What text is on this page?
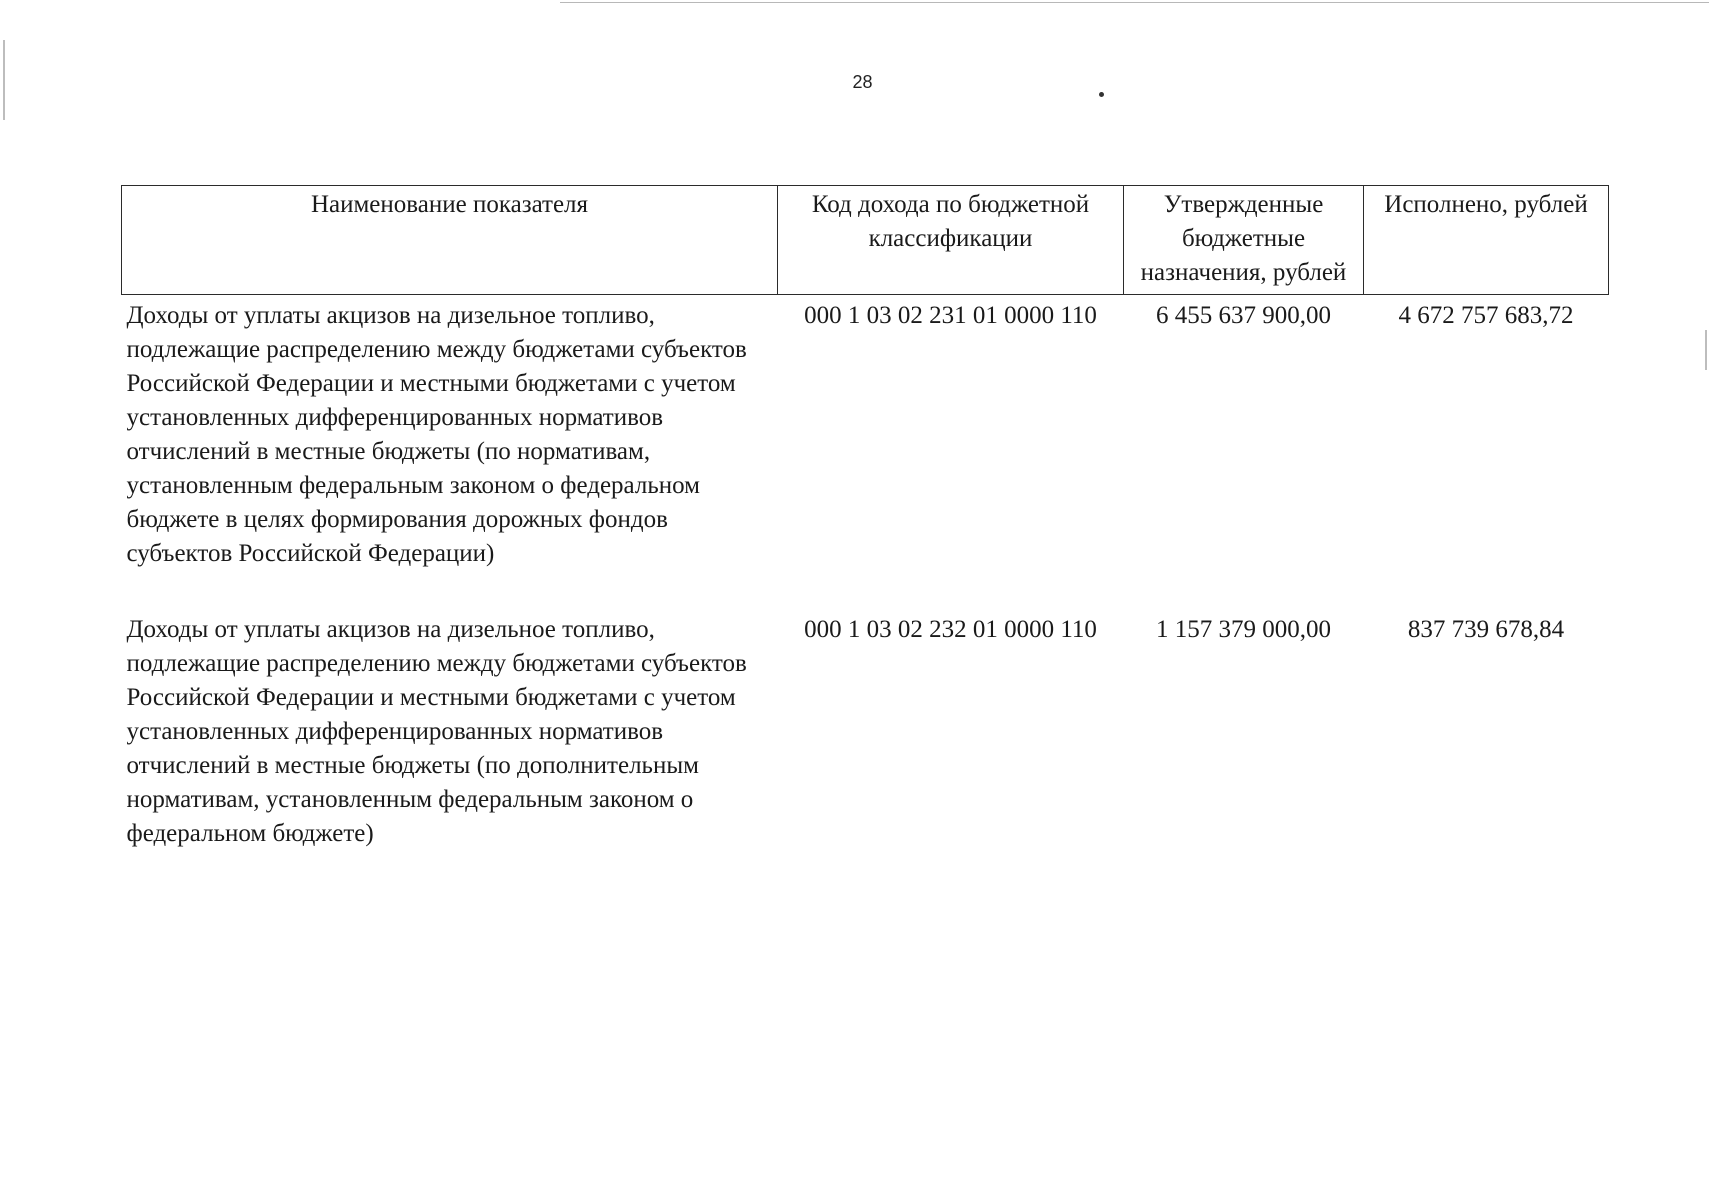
28
Наименование показателя	Код дохода по бюджетной классификации	Утвержденные бюджетные назначения, рублей	Исполнено, рублей
Доходы от уплаты акцизов на дизельное топливо, подлежащие распределению между бюджетами субъектов Российской Федерации и местными бюджетами с учетом установленных дифференцированных нормативов отчислений в местные бюджеты (по нормативам, установленным федеральным законом о федеральном бюджете в целях формирования дорожных фондов субъектов Российской Федерации)	000 1 03 02 231 01 0000 110	6 455 637 900,00	4 672 757 683,72
Доходы от уплаты акцизов на дизельное топливо, подлежащие распределению между бюджетами субъектов Российской Федерации и местными бюджетами с учетом установленных дифференцированных нормативов отчислений в местные бюджеты (по дополнительным нормативам, установленным федеральным законом о федеральном бюджете)	000 1 03 02 232 01 0000 110	1 157 379 000,00	837 739 678,84
